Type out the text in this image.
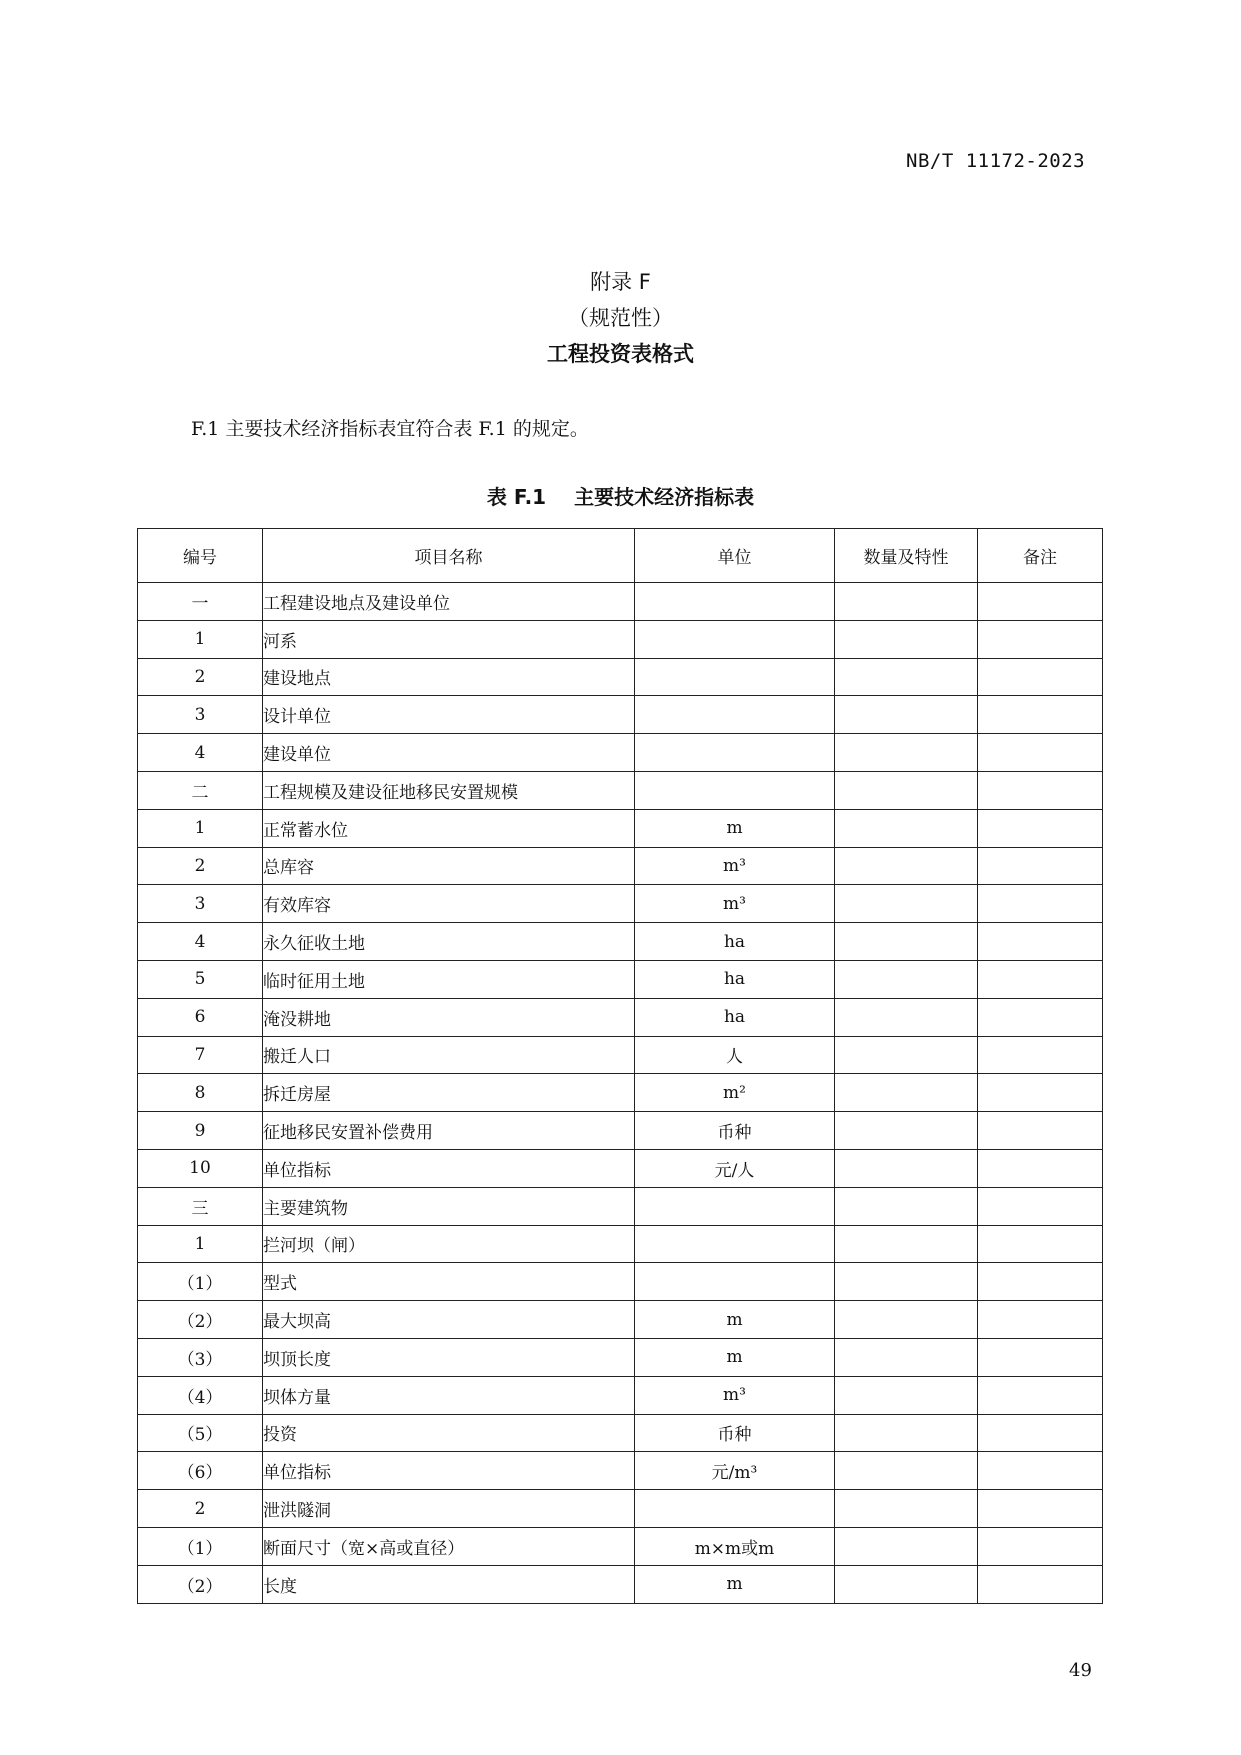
NB/T 11172-2023
附录 F
（规范性）
工程投资表格式
F.1 主要技术经济指标表宜符合表 F.1 的规定。
表 F.1 主要技术经济指标表
编号	项目名称	单位	数量及特性	备注
一	工程建设地点及建设单位			
1	河系			
2	建设地点			
3	设计单位			
4	建设单位			
二	工程规模及建设征地移民安置规模			
1	正常蓄水位	m		
2	总库容	m³		
3	有效库容	m³		
4	永久征收土地	ha		
5	临时征用土地	ha		
6	淹没耕地	ha		
7	搬迁人口	人		
8	拆迁房屋	m²		
9	征地移民安置补偿费用	币种		
10	单位指标	元/人		
三	主要建筑物			
1	拦河坝（闸）			
（1）	型式			
（2）	最大坝高	m		
（3）	坝顶长度	m		
（4）	坝体方量	m³		
（5）	投资	币种		
（6）	单位指标	元/m³		
2	泄洪隧洞			
（1）	断面尺寸（宽×高或直径）	m×m或m		
（2）	长度	m		
49
